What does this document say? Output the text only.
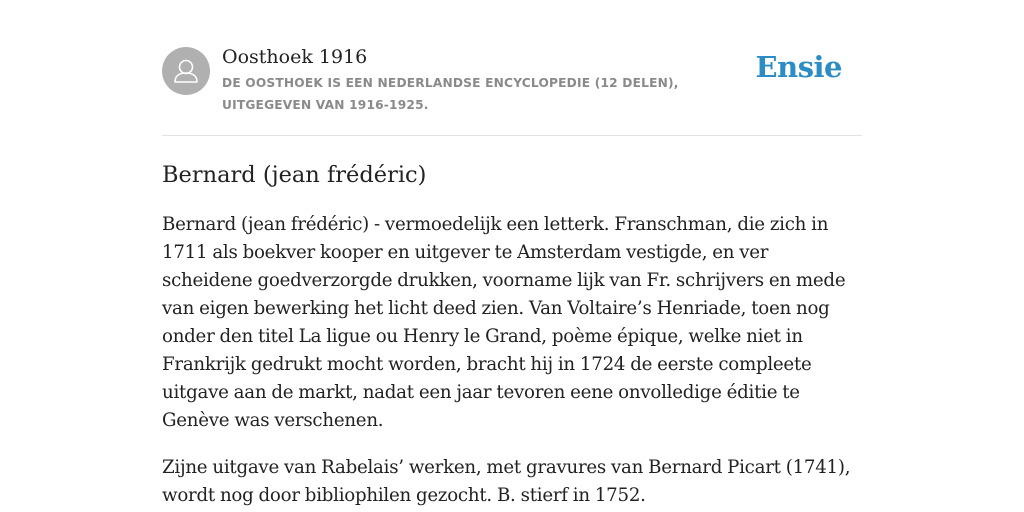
Oosthoek 1916
DE OOSTHOEK IS EEN NEDERLANDSE ENCYCLOPEDIE (12 DELEN), UITGEGEVEN VAN 1916-1925.
Ensie
Bernard (jean frédéric)

Bernard (jean frédéric) - vermoedelijk een letterk. Franschman, die zich in 1711 als boekver kooper en uitgever te Amsterdam vestigde, en ver scheidene goedverzorgde drukken, voorname lijk van Fr. schrijvers en mede van eigen bewerking het licht deed zien. Van Voltaire’s Henriade, toen nog onder den titel La ligue ou Henry le Grand, poème épique, welke niet in Frankrijk gedrukt mocht worden, bracht hij in 1724 de eerste compleete uitgave aan de markt, nadat een jaar tevoren eene onvolledige éditie te Genève was verschenen.

Zijne uitgave van Rabelais’ werken, met gravures van Bernard Picart (1741), wordt nog door bibliophilen gezocht. B. stierf in 1752.
